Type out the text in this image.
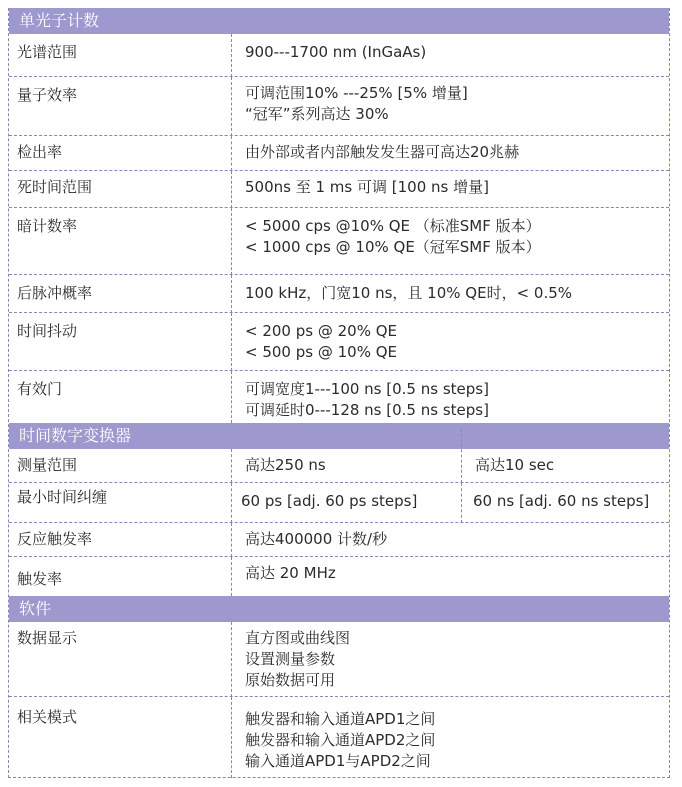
单光子计数
光谱范围	900---1700 nm (InGaAs)
量子效率	可调范围10% ---25% [5% 增量]
“冠军”系列高达 30%
检出率	由外部或者内部触发发生器可高达20兆赫
死时间范围	500ns 至 1 ms 可调 [100 ns 增量]
暗计数率	< 5000 cps @10% QE （标准SMF 版本）
< 1000 cps @ 10% QE（冠军SMF 版本）
后脉冲概率	100 kHz，门宽10 ns，且 10% QE时，< 0.5%
时间抖动	< 200 ps @ 20% QE
< 500 ps @ 10% QE
有效门	可调宽度1---100 ns [0.5 ns steps]
可调延时0---128 ns [0.5 ns steps]
时间数字变换器
测量范围	高达250 ns	高达10 sec
最小时间纠缠	60 ps [adj. 60 ps steps]	60 ns [adj. 60 ns steps]
反应触发率	高达400000 计数/秒
触发率	高达 20 MHz
软件
数据显示	直方图或曲线图
设置测量参数
原始数据可用
相关模式	触发器和输入通道APD1之间
触发器和输入通道APD2之间
输入通道APD1与APD2之间
